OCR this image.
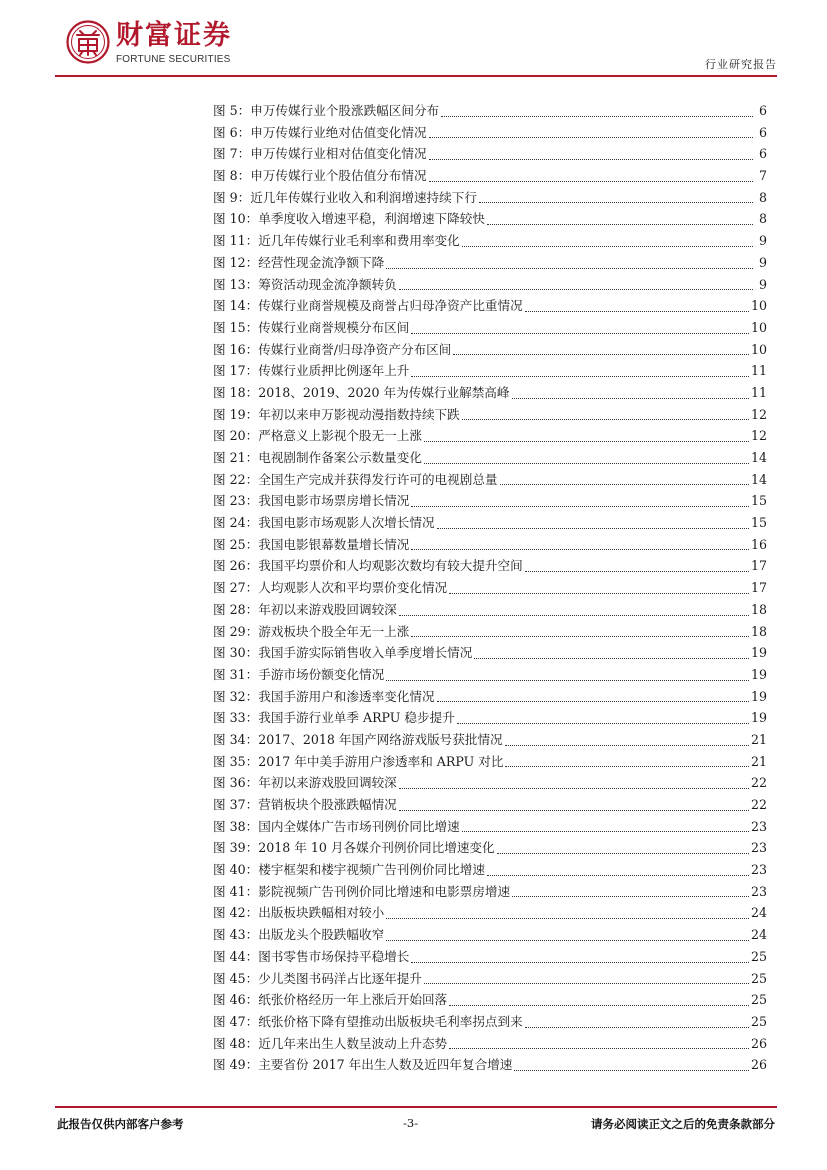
财富证券
FORTUNE SECURITIES	行业研究报告
图 5： 申万传媒行业个股涨跌幅区间分布	6
图 6： 申万传媒行业绝对估值变化情况	6
图 7： 申万传媒行业相对估值变化情况	6
图 8： 申万传媒行业个股估值分布情况	7
图 9： 近几年传媒行业收入和利润增速持续下行	8
图 10： 单季度收入增速平稳，利润增速下降较快	8
图 11： 近几年传媒行业毛利率和费用率变化	9
图 12： 经营性现金流净额下降	9
图 13： 筹资活动现金流净额转负	9
图 14： 传媒行业商誉规模及商誉占归母净资产比重情况	10
图 15： 传媒行业商誉规模分布区间	10
图 16： 传媒行业商誉/归母净资产分布区间	10
图 17： 传媒行业质押比例逐年上升	11
图 18： 2018、2019、2020 年为传媒行业解禁高峰	11
图 19： 年初以来申万影视动漫指数持续下跌	12
图 20： 严格意义上影视个股无一上涨	12
图 21： 电视剧制作备案公示数量变化	14
图 22： 全国生产完成并获得发行许可的电视剧总量	14
图 23： 我国电影市场票房增长情况	15
图 24： 我国电影市场观影人次增长情况	15
图 25： 我国电影银幕数量增长情况	16
图 26： 我国平均票价和人均观影次数均有较大提升空间	17
图 27： 人均观影人次和平均票价变化情况	17
图 28： 年初以来游戏股回调较深	18
图 29： 游戏板块个股全年无一上涨	18
图 30： 我国手游实际销售收入单季度增长情况	19
图 31： 手游市场份额变化情况	19
图 32： 我国手游用户和渗透率变化情况	19
图 33： 我国手游行业单季 ARPU 稳步提升	19
图 34： 2017、2018 年国产网络游戏版号获批情况	21
图 35： 2017 年中美手游用户渗透率和 ARPU 对比	21
图 36： 年初以来游戏股回调较深	22
图 37： 营销板块个股涨跌幅情况	22
图 38： 国内全媒体广告市场刊例价同比增速	23
图 39： 2018 年 10 月各媒介刊例价同比增速变化	23
图 40： 楼宇框架和楼宇视频广告刊例价同比增速	23
图 41： 影院视频广告刊例价同比增速和电影票房增速	23
图 42： 出版板块跌幅相对较小	24
图 43： 出版龙头个股跌幅收窄	24
图 44： 图书零售市场保持平稳增长	25
图 45： 少儿类图书码洋占比逐年提升	25
图 46： 纸张价格经历一年上涨后开始回落	25
图 47： 纸张价格下降有望推动出版板块毛利率拐点到来	25
图 48： 近几年来出生人数呈波动上升态势	26
图 49： 主要省份 2017 年出生人数及近四年复合增速	26
此报告仅供内部客户参考	-3-	请务必阅读正文之后的免责条款部分
